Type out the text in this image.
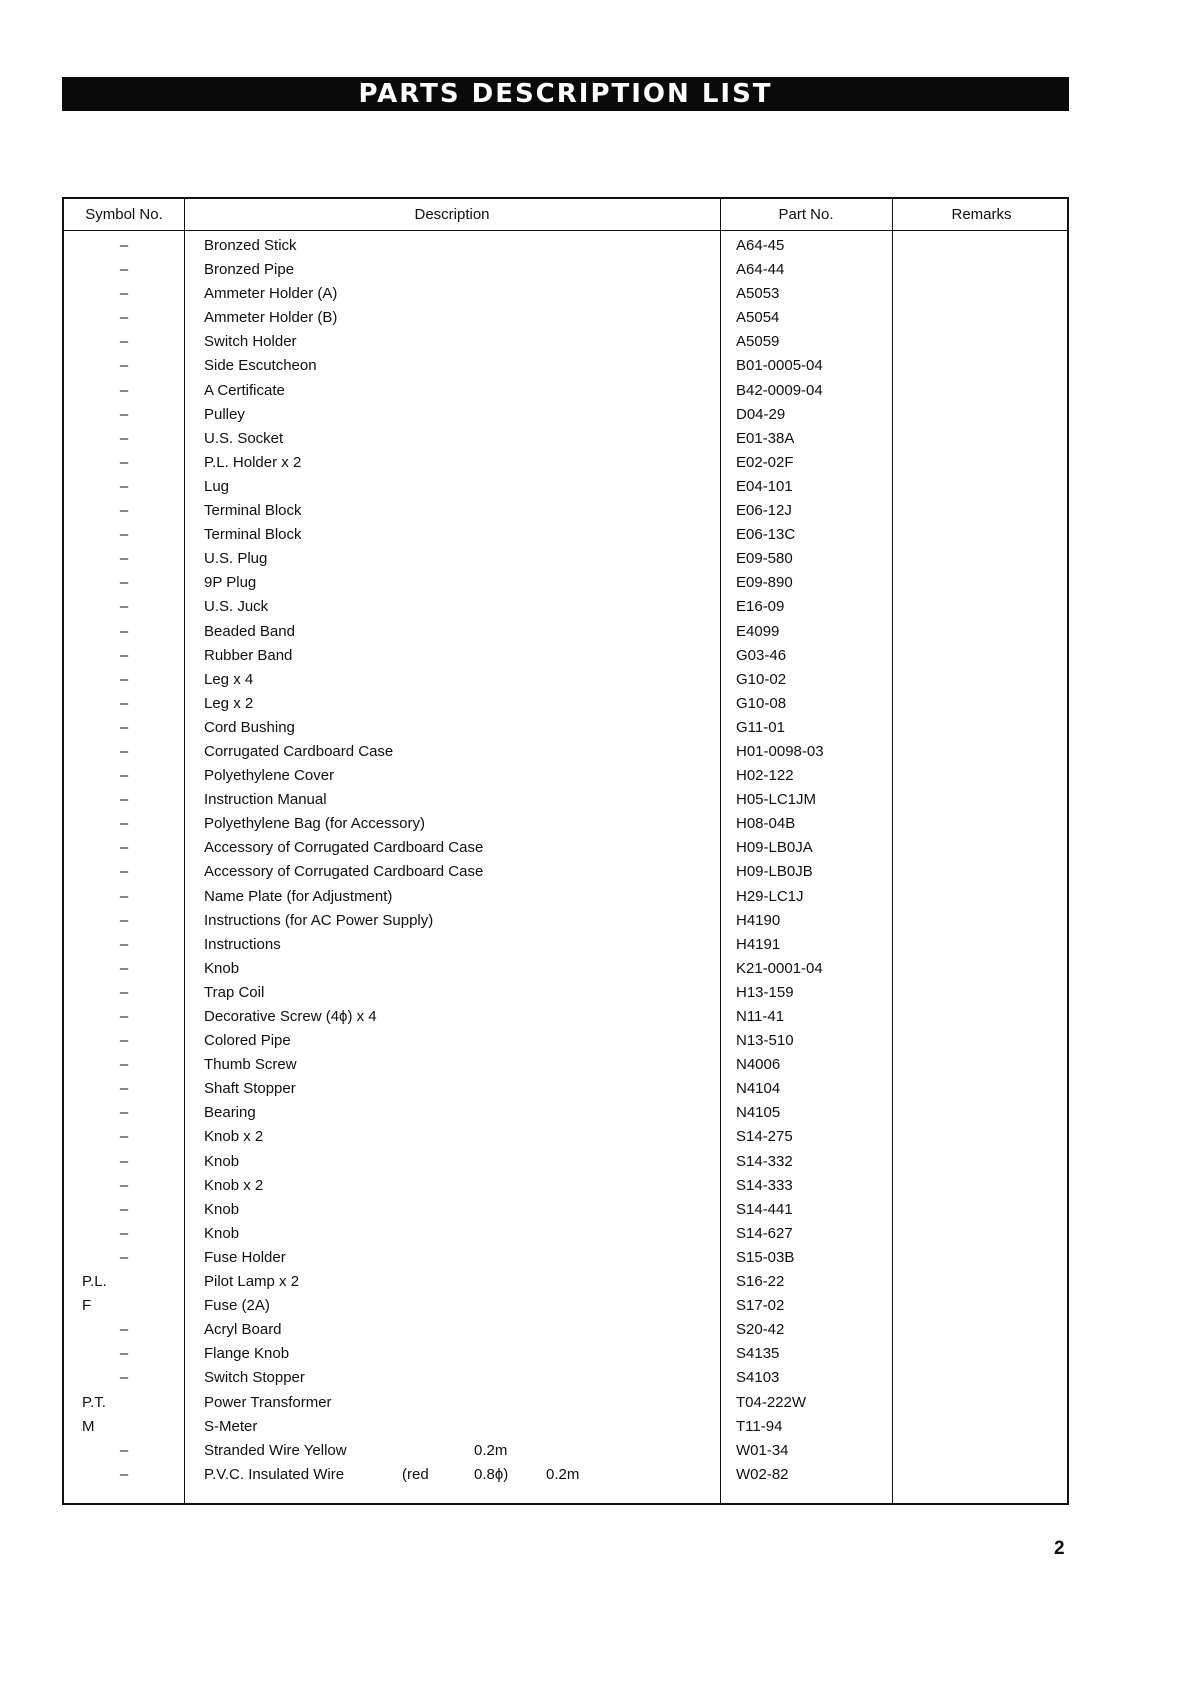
PARTS DESCRIPTION LIST
Symbol No.	Description	Part No.	Remarks
–	Bronzed Stick	A64-45
–	Bronzed Pipe	A64-44
–	Ammeter Holder (A)	A5053
–	Ammeter Holder (B)	A5054
–	Switch Holder	A5059
–	Side Escutcheon	B01-0005-04
–	A Certificate	B42-0009-04
–	Pulley	D04-29
–	U.S. Socket	E01-38A
–	P.L. Holder x 2	E02-02F
–	Lug	E04-101
–	Terminal Block	E06-12J
–	Terminal Block	E06-13C
–	U.S. Plug	E09-580
–	9P Plug	E09-890
–	U.S. Juck	E16-09
–	Beaded Band	E4099
–	Rubber Band	G03-46
–	Leg x 4	G10-02
–	Leg x 2	G10-08
–	Cord Bushing	G11-01
–	Corrugated Cardboard Case	H01-0098-03
–	Polyethylene Cover	H02-122
–	Instruction Manual	H05-LC1JM
–	Polyethylene Bag (for Accessory)	H08-04B
–	Accessory of Corrugated Cardboard Case	H09-LB0JA
–	Accessory of Corrugated Cardboard Case	H09-LB0JB
–	Name Plate (for Adjustment)	H29-LC1J
–	Instructions (for AC Power Supply)	H4190
–	Instructions	H4191
–	Knob	K21-0001-04
–	Trap Coil	H13-159
–	Decorative Screw (4ϕ) x 4	N11-41
–	Colored Pipe	N13-510
–	Thumb Screw	N4006
–	Shaft Stopper	N4104
–	Bearing	N4105
–	Knob x 2	S14-275
–	Knob	S14-332
–	Knob x 2	S14-333
–	Knob	S14-441
–	Knob	S14-627
–	Fuse Holder	S15-03B
P.L.	Pilot Lamp x 2	S16-22
F	Fuse (2A)	S17-02
–	Acryl Board	S20-42
–	Flange Knob	S4135
–	Switch Stopper	S4103
P.T.	Power Transformer	T04-222W
M	S-Meter	T11-94
–	Stranded Wire Yellow	0.2m	W01-34
–	P.V.C. Insulated Wire	(red	0.8ϕ)	0.2m	W02-82
2
